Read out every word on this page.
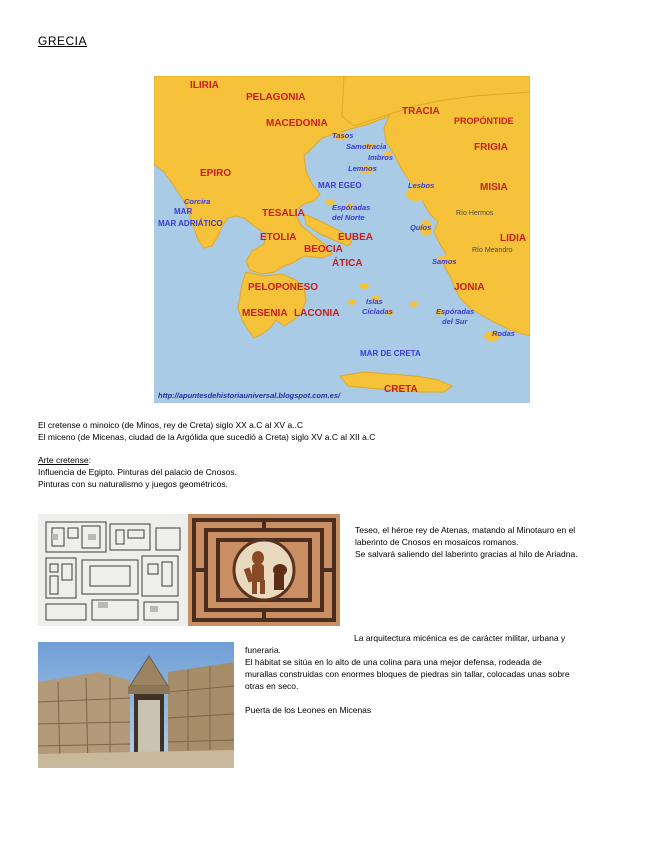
GRECIA
ILIRIA
PELAGONIA
MACEDONIA
TRACIA
PROPÓNTIDE
FRIGIA
EPIRO
MISIA
TESALIA
LIDIA
ETOLIA	EUBEA
BEOCIA
ÁTICA
JONIA
PELOPONESO
MESENIA LACONIA
CRETA
MAR EGEO
MAR
MAR ADRIÁTICO
MAR DE CRETA
Tasos
Samotracia
Imbros
Lemnos
Corcira
Lesbos
Espóradas
del Norte
Quíos
Samos
Islas
Cícladas	Espóradas
del Sur
Rodas
Río Hermos
Río Meandro
http://apuntesdehistoriauniversal.blogspot.com.es/
El cretense o minoico (de Minos, rey de Creta) siglo XX a.C al XV a..C
El micenо (de Micenas, ciudad de la Argólida que sucedió a Creta) siglo XV a.C al XII a.C
Arte cretense:
Influencia de Egipto. Pinturas del palacio de Cnosos.
Pinturas con su naturalismo y juegos geométricos.
Teseo, el héroe rey de Atenas, matando al Minotauro en el
laberinto de Cnosos en mosaicos romanos.
Se salvará saliendo del laberinto gracias al hilo de Ariadna.
La arquitectura micénica es de carácter militar, urbana y
funeraria.
El hábitat se sitúa en lo alto de una colina para una mejor defensa, rodeada de
murallas construidas con enormes bloques de piedras sin tallar, colocadas unas sobre
otras en seco.
Puerta de los Leones en Micenas
